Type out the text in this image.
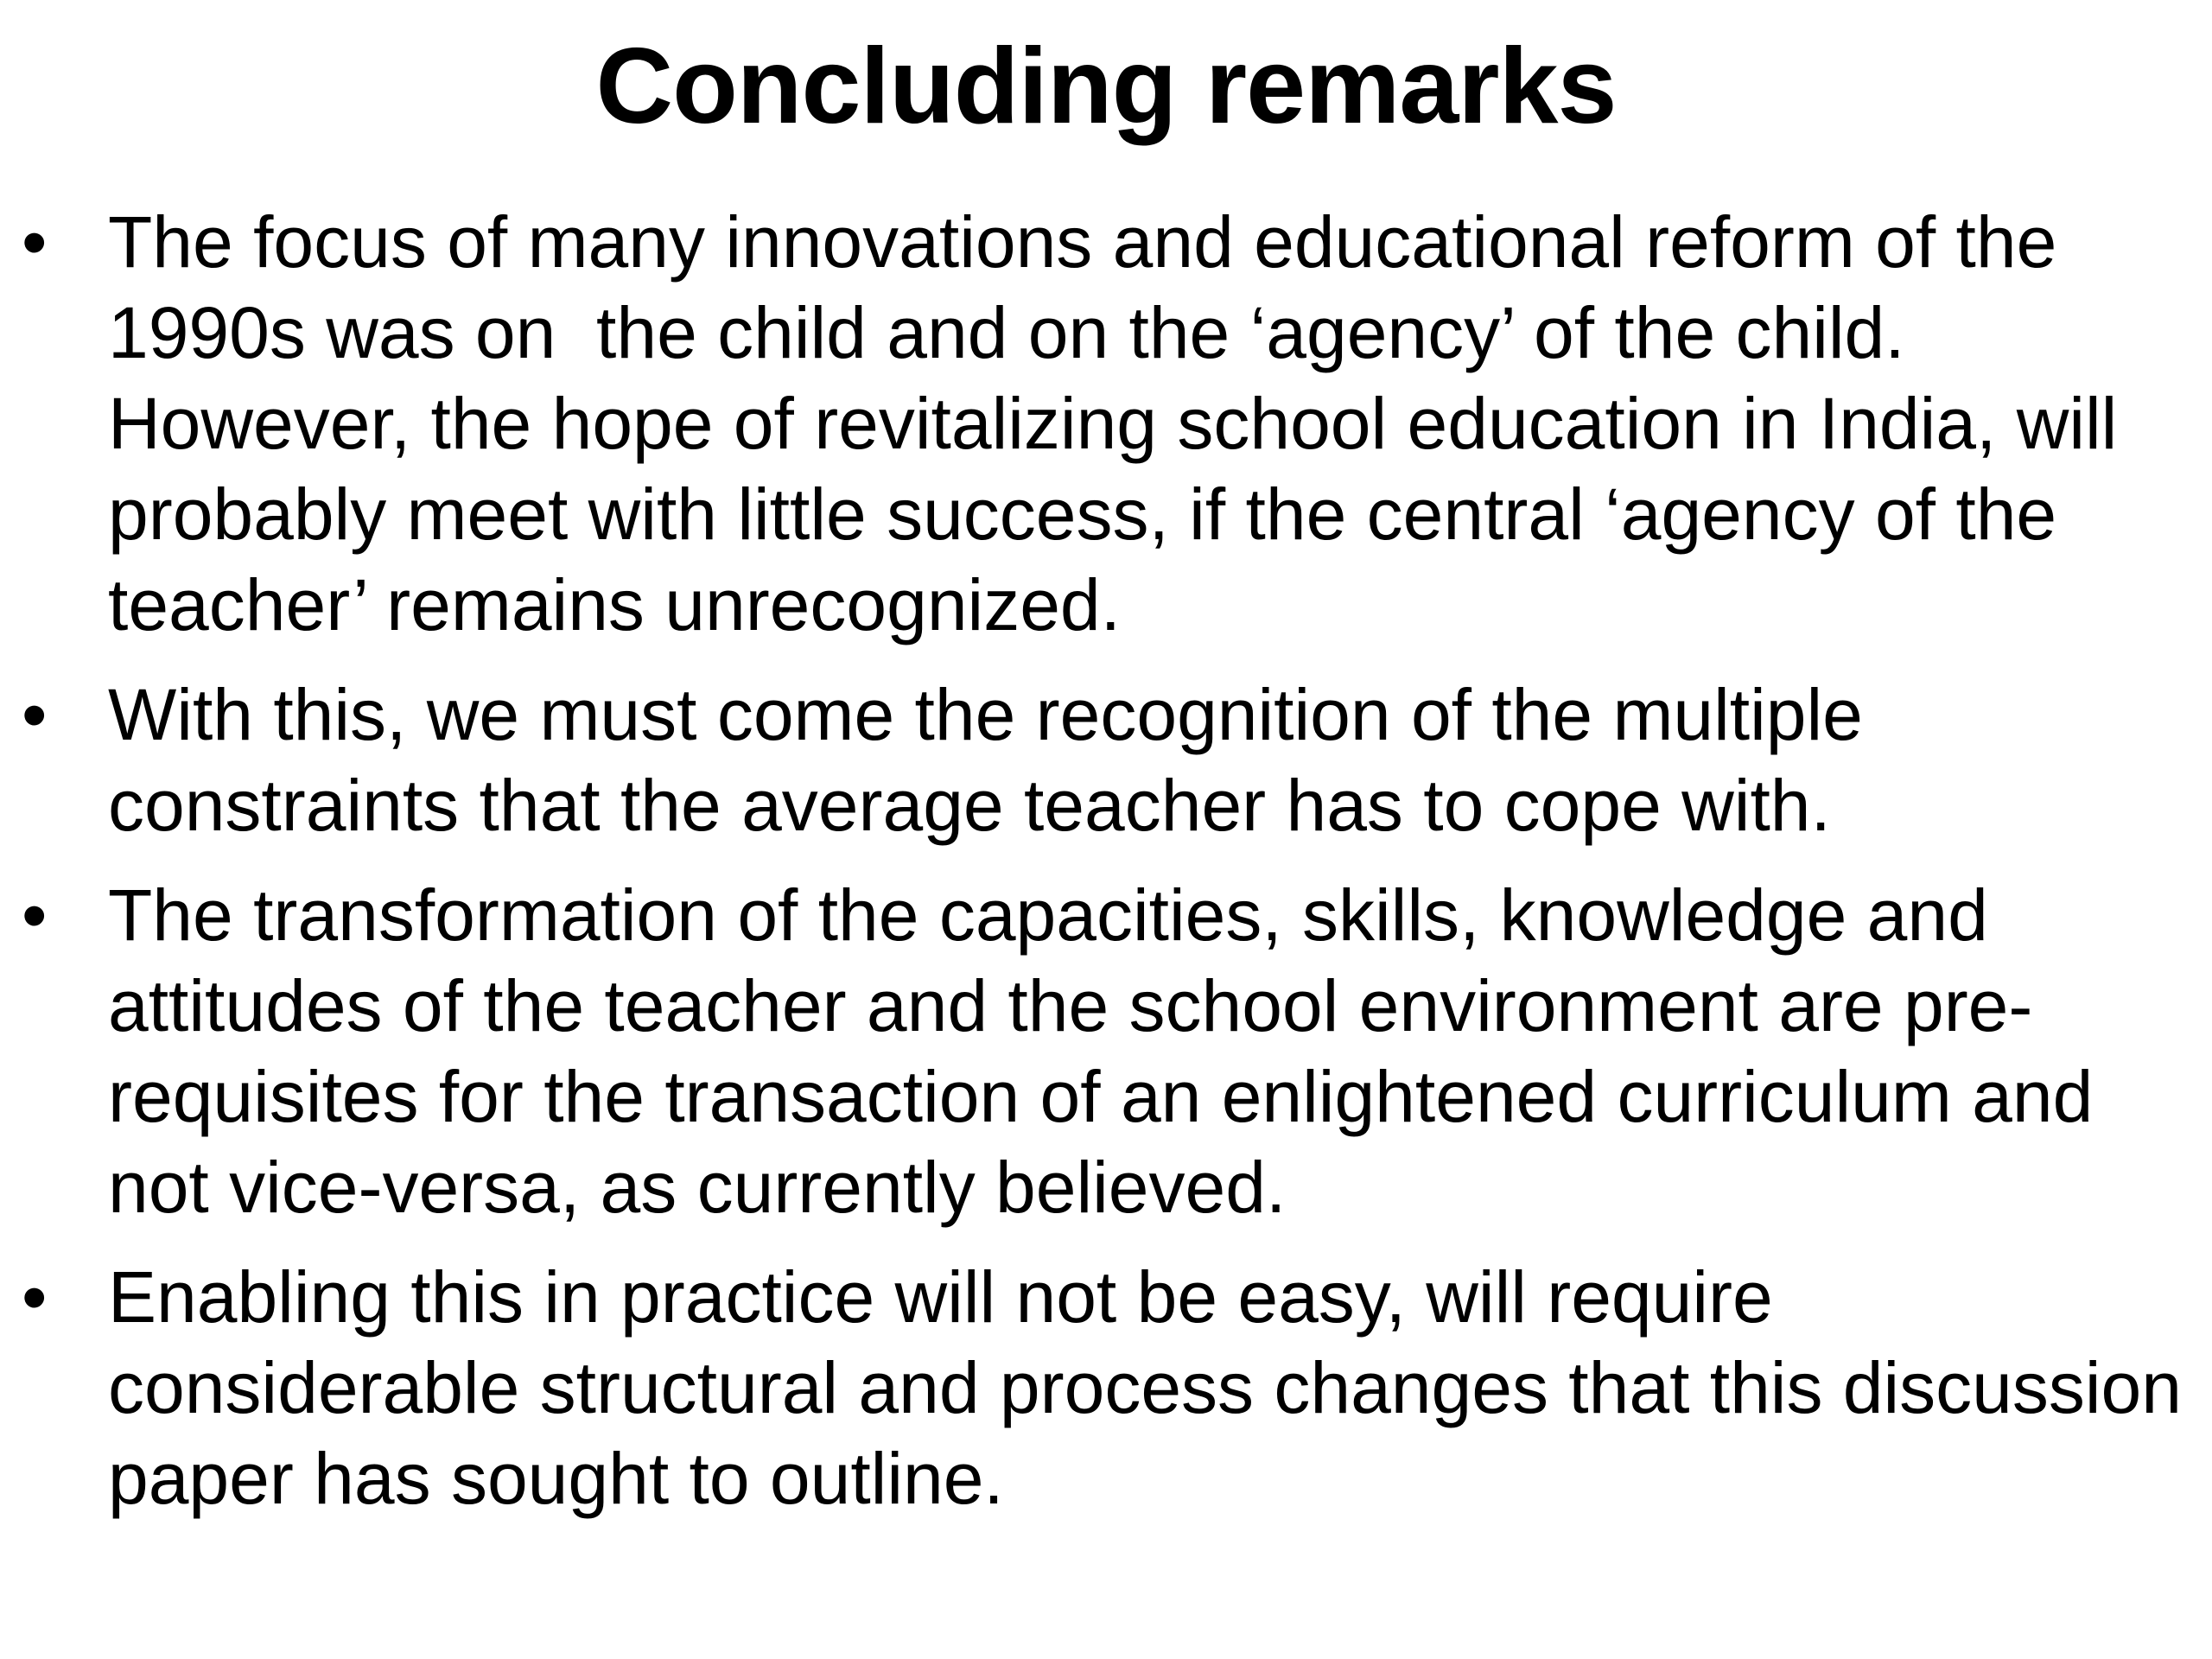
Concluding remarks
• The focus of many innovations and educational reform of the 1990s was on  the child and on the ‘agency’ of the child. However, the hope of revitalizing school education in India, will probably meet with little success, if the central ‘agency of the teacher’ remains unrecognized.
• With this, we must come the recognition of the multiple constraints that the average teacher has to cope with.
• The transformation of the capacities, skills, knowledge and attitudes of the teacher and the school environment are pre-requisites for the transaction of an enlightened curriculum and not vice-versa, as currently believed.
• Enabling this in practice will not be easy, will require considerable structural and process changes that this discussion paper has sought to outline.
